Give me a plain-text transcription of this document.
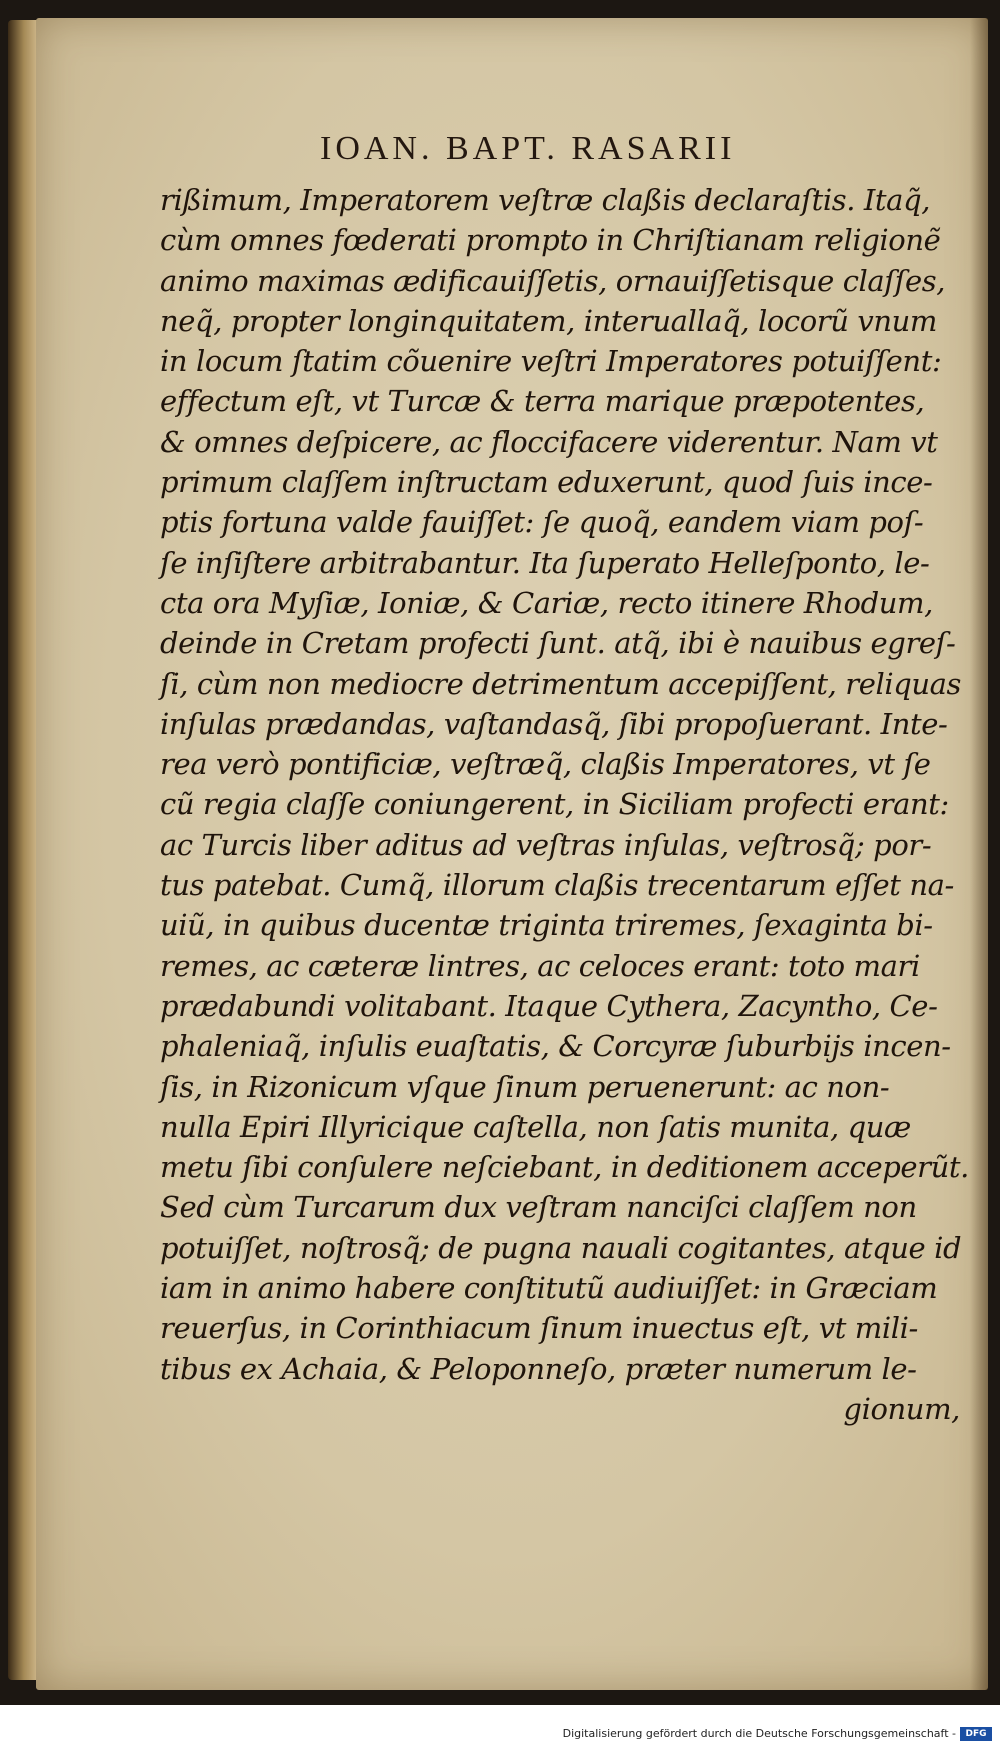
IOAN. BAPT. RASARII
rißimum, Imperatorem veſtræ claßis declaraſtis. Itaq̃,
cùm omnes fœderati prompto in Chriſtianam religionẽ
animo maximas ædificauiſſetis, ornauiſſetisque claſſes,
neq̃, propter longinquitatem, interuallaq̃, locorũ vnum
in locum ſtatim cõuenire veſtri Imperatores potuiſſent:
effectum eſt, vt Turcæ & terra marique præpotentes,
& omnes deſpicere, ac floccifacere viderentur. Nam vt
primum claſſem inſtructam eduxerunt, quod ſuis ince-
ptis fortuna valde fauiſſet: ſe quoq̃, eandem viam poſ-
ſe inſiſtere arbitrabantur. Ita ſuperato Helleſponto, le-
cta ora Myſiæ, Ioniæ, & Cariæ, recto itinere Rhodum,
deinde in Cretam profecti ſunt. atq̃, ibi è nauibus egreſ-
ſi, cùm non mediocre detrimentum accepiſſent, reliquas
inſulas prædandas, vaſtandasq̃, ſibi propoſuerant. Inte-
rea verò pontificiæ, veſtræq̃, claßis Imperatores, vt ſe
cũ regia claſſe coniungerent, in Siciliam profecti erant:
ac Turcis liber aditus ad veſtras inſulas, veſtrosq̃; por-
tus patebat. Cumq̃, illorum claßis trecentarum eſſet na-
uiũ, in quibus ducentæ triginta triremes, ſexaginta bi-
remes, ac cæteræ lintres, ac celoces erant: toto mari
prædabundi volitabant. Itaque Cythera, Zacyntho, Ce-
phaleniaq̃, inſulis euaſtatis, & Corcyræ ſuburbijs incen-
ſis, in Rizonicum vſque ſinum peruenerunt: ac non-
nulla Epiri Illyricique caſtella, non ſatis munita, quæ
metu ſibi conſulere neſciebant, in deditionem acceperũt.
Sed cùm Turcarum dux veſtram nanciſci claſſem non
potuiſſet, noſtrosq̃; de pugna nauali cogitantes, atque id
iam in animo habere conſtitutũ audiuiſſet: in Græciam
reuerſus, in Corinthiacum ſinum inuectus eſt, vt mili-
tibus ex Achaia, & Peloponneſo, præter numerum le-
gionum,
Digitalisierung gefördert durch die Deutsche Forschungsgemeinschaft -	DFG
